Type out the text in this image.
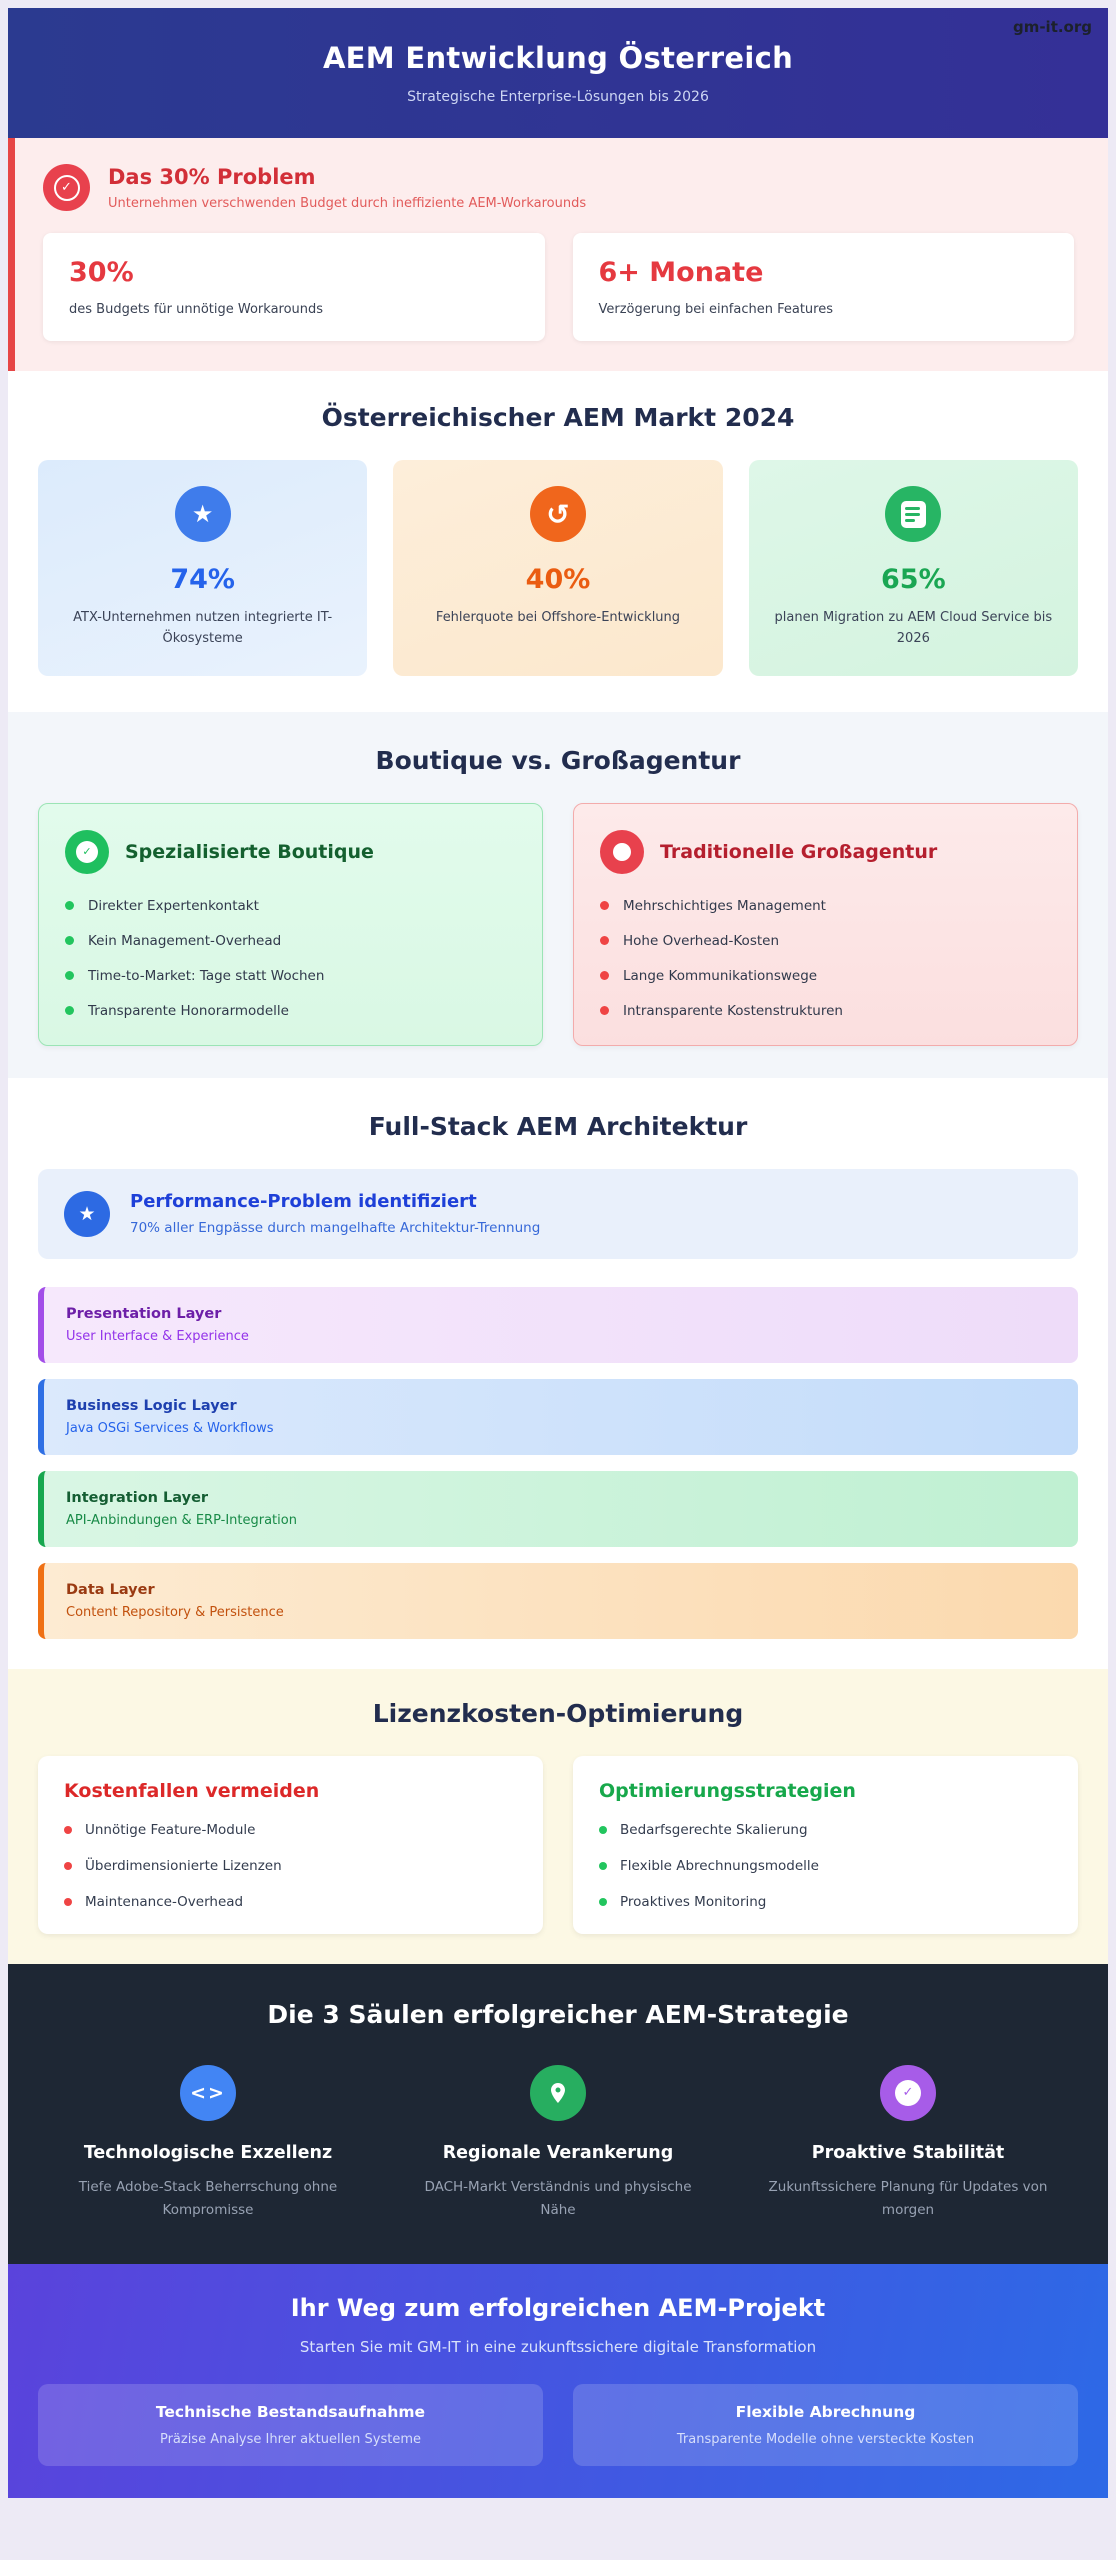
gm-it.org
AEM Entwicklung Österreich
Strategische Enterprise-Lösungen bis 2026
✓	Das 30% Problem
Unternehmen verschwenden Budget durch ineffiziente AEM-Workarounds
30%
des Budgets für unnötige Workarounds
6+ Monate
Verzögerung bei einfachen Features
Österreichischer AEM Markt 2024
★
74%
ATX-Unternehmen nutzen integrierte IT-Ökosysteme
↺
40%
Fehlerquote bei Offshore-Entwicklung
65%
planen Migration zu AEM Cloud Service bis 2026
Boutique vs. Großagentur
✓	Spezialisierte Boutique
Direkter Expertenkontakt
Kein Management-Overhead
Time-to-Market: Tage statt Wochen
Transparente Honorarmodelle
Traditionelle Großagentur
Mehrschichtiges Management
Hohe Overhead-Kosten
Lange Kommunikationswege
Intransparente Kostenstrukturen
Full-Stack AEM Architektur
★
Performance-Problem identifiziert
70% aller Engpässe durch mangelhafte Architektur-Trennung
Presentation Layer
User Interface & Experience
Business Logic Layer
Java OSGi Services & Workflows
Integration Layer
API-Anbindungen & ERP-Integration
Data Layer
Content Repository & Persistence
Lizenzkosten-Optimierung
Kostenfallen vermeiden
Unnötige Feature-Module
Überdimensionierte Lizenzen
Maintenance-Overhead
Optimierungsstrategien
Bedarfsgerechte Skalierung
Flexible Abrechnungsmodelle
Proaktives Monitoring
Die 3 Säulen erfolgreicher AEM-Strategie
<>
Technologische Exzellenz
Tiefe Adobe-Stack Beherrschung ohne Kompromisse
Regionale Verankerung
DACH-Markt Verständnis und physische Nähe
✓
Proaktive Stabilität
Zukunftssichere Planung für Updates von morgen
Ihr Weg zum erfolgreichen AEM-Projekt
Starten Sie mit GM-IT in eine zukunftssichere digitale Transformation
Technische Bestandsaufnahme
Präzise Analyse Ihrer aktuellen Systeme
Flexible Abrechnung
Transparente Modelle ohne versteckte Kosten
